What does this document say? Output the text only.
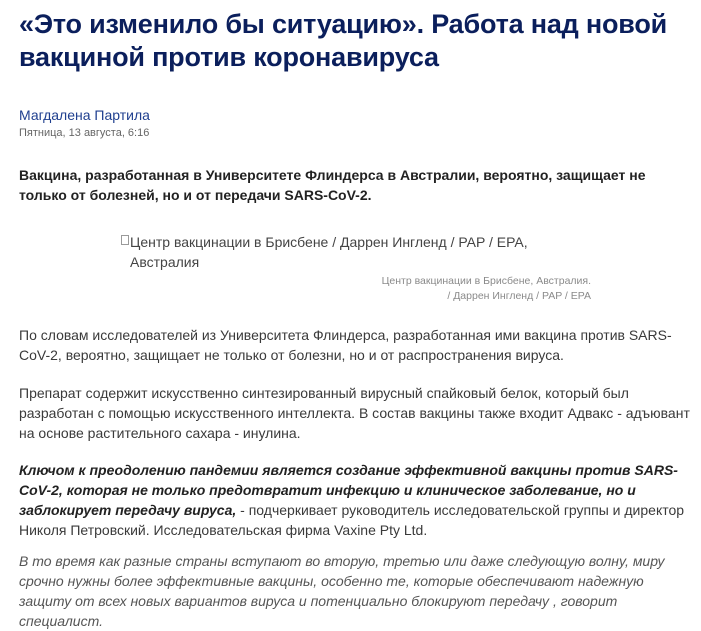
«Это изменило бы ситуацию». Работа над новой вакциной против коронавируса
Магдалена Партила
Пятница, 13 августа, 6:16

Вакцина, разработанная в Университете Флиндерса в Австралии, вероятно, защищает не только от болезней, но и от передачи SARS-CoV-2.

Центр вакцинации в Брисбене / Даррен Ингленд / PAP / EPA, Австралия
Центр вакцинации в Брисбене, Австралия.
/ Даррен Ингленд / PAP / EPA

По словам исследователей из Университета Флиндерса, разработанная ими вакцина против SARS-CoV-2, вероятно, защищает не только от болезни, но и от распространения вируса.

Препарат содержит искусственно синтезированный вирусный спайковый белок, который был разработан с помощью искусственного интеллекта. В состав вакцины также входит Адвакс - адъювант на основе растительного сахара - инулина.

Ключом к преодолению пандемии является создание эффективной вакцины против SARS-CoV-2, которая не только предотвратит инфекцию и клиническое заболевание, но и заблокирует передачу вируса, - подчеркивает руководитель исследовательской группы и директор Николя Петровский. Исследовательская фирма Vaxine Pty Ltd.

В то время как разные страны вступают во вторую, третью или даже следующую волну, миру срочно нужны более эффективные вакцины, особенно те, которые обеспечивают надежную защиту от всех новых вариантов вируса и потенциально блокируют передачу , говорит специалист.
